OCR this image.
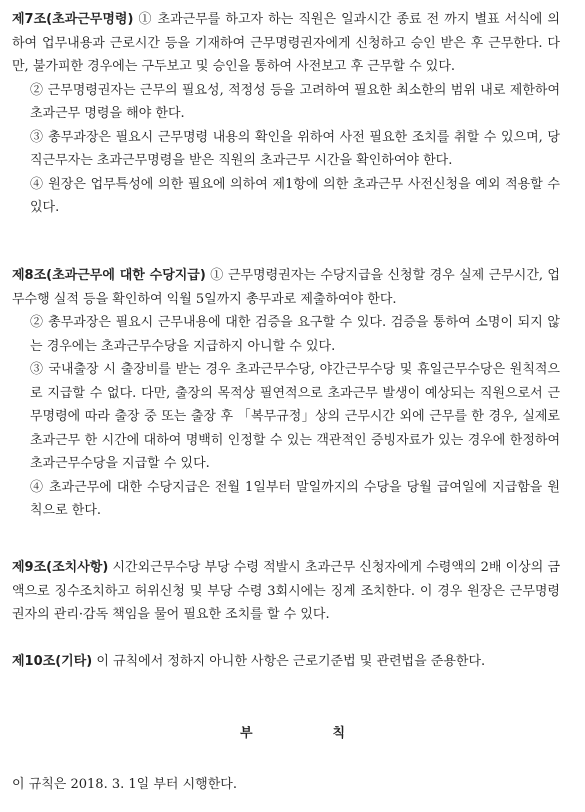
제7조(초과근무명령) ① 초과근무를 하고자 하는 직원은 일과시간 종료 전 까지 별표 서식에 의하여 업무내용과 근로시간 등을 기재하여 근무명령권자에게 신청하고 승인 받은 후 근무한다. 다만, 불가피한 경우에는 구두보고 및 승인을 통하여 사전보고 후 근무할 수 있다.

② 근무명령권자는 근무의 필요성, 적정성 등을 고려하여 필요한 최소한의 범위 내로 제한하여 초과근무 명령을 해야 한다.

③ 총무과장은 필요시 근무명령 내용의 확인을 위하여 사전 필요한 조치를 취할 수 있으며, 당직근무자는 초과근무명령을 받은 직원의 초과근무 시간을 확인하여야 한다.

④ 원장은 업무특성에 의한 필요에 의하여 제1항에 의한 초과근무 사전신청을 예외 적용할 수 있다.

제8조(초과근무에 대한 수당지급) ① 근무명령권자는 수당지급을 신청할 경우 실제 근무시간, 업무수행 실적 등을 확인하여 익월 5일까지 총무과로 제출하여야 한다.

② 총무과장은 필요시 근무내용에 대한 검증을 요구할 수 있다. 검증을 통하여 소명이 되지 않는 경우에는 초과근무수당을 지급하지 아니할 수 있다.

③ 국내출장 시 출장비를 받는 경우 초과근무수당, 야간근무수당 및 휴일근무수당은 원칙적으로 지급할 수 없다. 다만, 출장의 목적상 필연적으로 초과근무 발생이 예상되는 직원으로서 근무명령에 따라 출장 중 또는 출장 후 「복무규정」상의 근무시간 외에 근무를 한 경우, 실제로 초과근무 한 시간에 대하여 명백히 인정할 수 있는 객관적인 증빙자료가 있는 경우에 한정하여 초과근무수당을 지급할 수 있다.

④ 초과근무에 대한 수당지급은 전월 1일부터 말일까지의 수당을 당월 급여일에 지급함을 원칙으로 한다.

제9조(조치사항) 시간외근무수당 부당 수령 적발시 초과근무 신청자에게 수령액의 2배 이상의 금액으로 징수조치하고 허위신청 및 부당 수령 3회시에는 징계 조치한다. 이 경우 원장은 근무명령권자의 관리·감독 책임을 물어 필요한 조치를 할 수 있다.

제10조(기타) 이 규칙에서 정하지 아니한 사항은 근로기준법 및 관련법을 준용한다.

부	칙
이 규칙은 2018. 3. 1일 부터 시행한다.
